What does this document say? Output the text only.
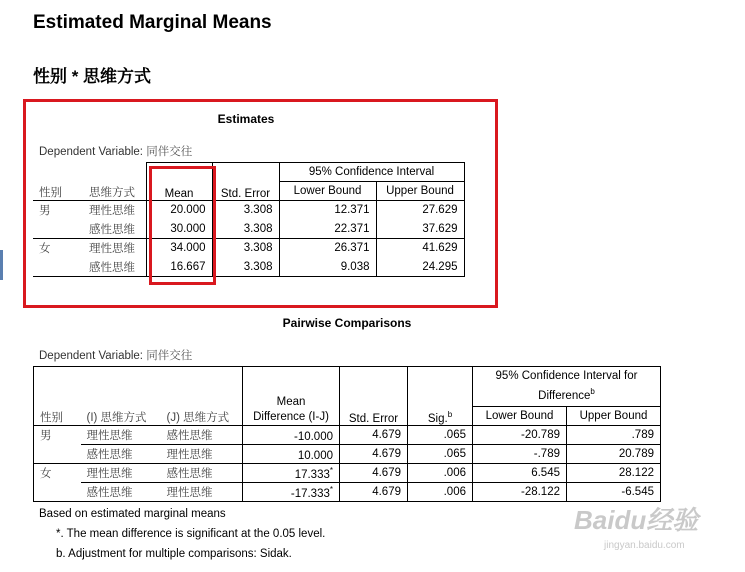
Estimated Marginal Means
性别 * 思维方式
Estimates
Dependent Variable: 同伴交往
性别	思维方式	Mean	Std. Error	95% Confidence Interval	
				Lower Bound	Upper Bound
男	理性思维	20.000	3.308	12.371	27.629
	感性思维	30.000	3.308	22.371	37.629
女	理性思维	34.000	3.308	26.371	41.629
	感性思维	16.667	3.308	9.038	24.295
Pairwise Comparisons
Dependent Variable: 同伴交往
性别	(I) 思维方式	(J) 思维方式	Mean Difference (I-J)	Std. Error	Sig.$^b$	95% Confidence Interval for Difference$^b$
						Lower Bound	Upper Bound
男	理性思维	感性思维	-10.000	4.679	.065	-20.789	.789
	感性思维	理性思维	10.000	4.679	.065	-.789	20.789
女	理性思维	感性思维	17.333*	4.679	.006	6.545	28.122
	感性思维	理性思维	-17.333*	4.679	.006	-28.122	-6.545
Based on estimated marginal means
*. The mean difference is significant at the 0.05 level.
b. Adjustment for multiple comparisons: Sidak.
Baidu经验
jingyan.baidu.com
